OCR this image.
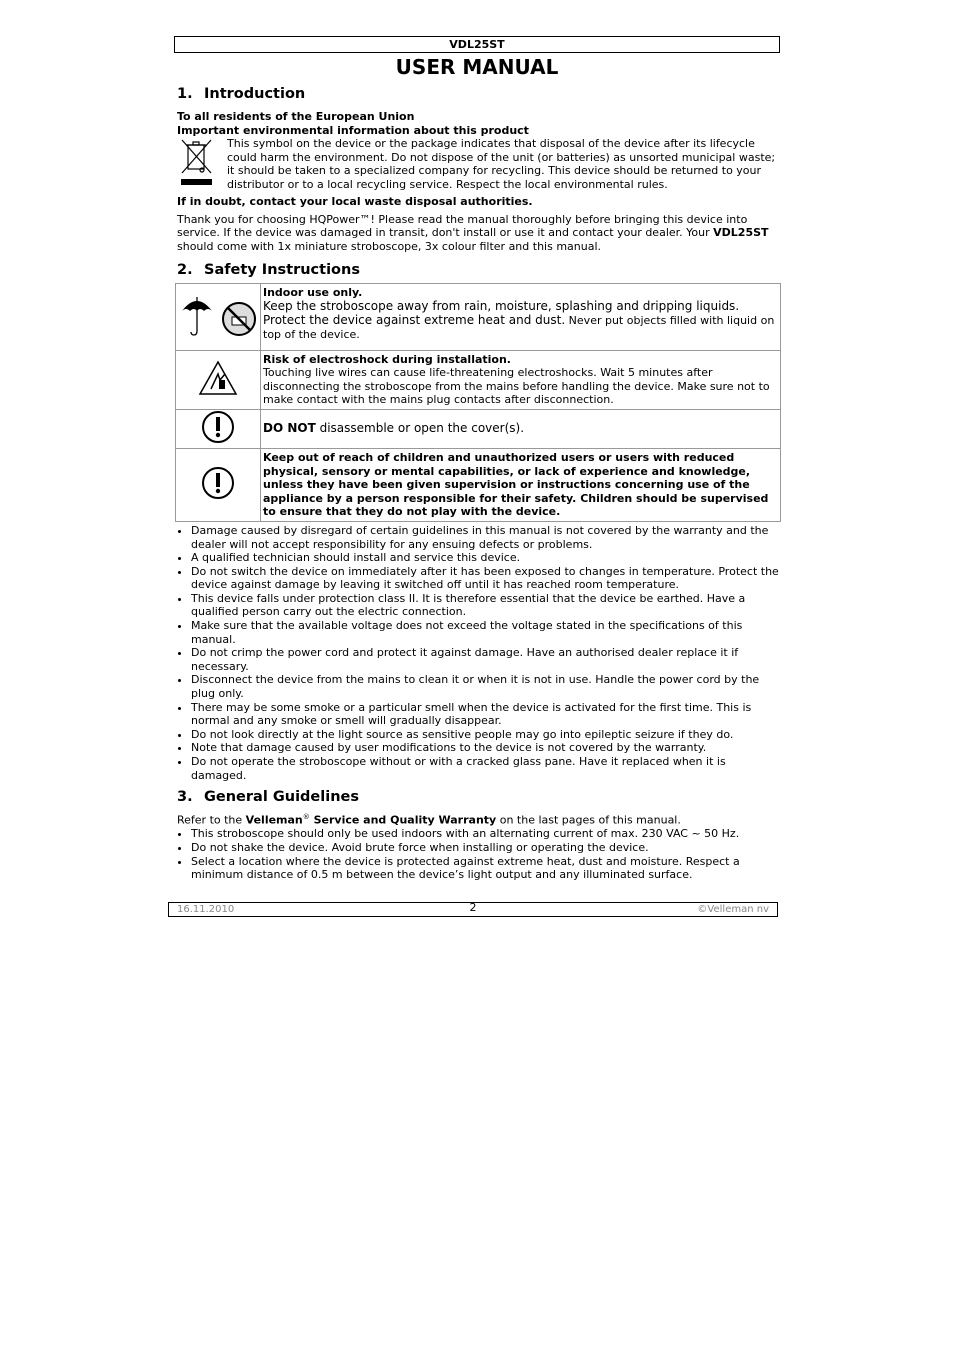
VDL25ST
USER MANUAL
1. Introduction

To all residents of the European Union

Important environmental information about this product

This symbol on the device or the package indicates that disposal of the device after its lifecycle could harm the environment. Do not dispose of the unit (or batteries) as unsorted municipal waste; it should be taken to a specialized company for recycling. This device should be returned to your distributor or to a local recycling service. Respect the local environmental rules.

If in doubt, contact your local waste disposal authorities.

Thank you for choosing HQPower™! Please read the manual thoroughly before bringing this device into service. If the device was damaged in transit, don't install or use it and contact your dealer. Your VDL25ST should come with 1x miniature stroboscope, 3x colour filter and this manual.

2. Safety Instructions

Indoor use only.
Keep the stroboscope away from rain, moisture, splashing and dripping liquids.
Protect the device against extreme heat and dust. Never put objects filled with liquid on top of the device.

Risk of electroshock during installation.
Touching live wires can cause life-threatening electroshocks. Wait 5 minutes after disconnecting the stroboscope from the mains before handling the device. Make sure not to make contact with the mains plug contacts after disconnection.

	DO NOT disassemble or open the cover(s).
	Keep out of reach of children and unauthorized users or users with reduced physical, sensory or mental capabilities, or lack of experience and knowledge, unless they have been given supervision or instructions concerning use of the appliance by a person responsible for their safety. Children should be supervised to ensure that they do not play with the device.
• Damage caused by disregard of certain guidelines in this manual is not covered by the warranty and the dealer will not accept responsibility for any ensuing defects or problems.
• A qualified technician should install and service this device.
• Do not switch the device on immediately after it has been exposed to changes in temperature. Protect the device against damage by leaving it switched off until it has reached room temperature.
• This device falls under protection class II. It is therefore essential that the device be earthed. Have a qualified person carry out the electric connection.
• Make sure that the available voltage does not exceed the voltage stated in the specifications of this manual.
• Do not crimp the power cord and protect it against damage. Have an authorised dealer replace it if necessary.
• Disconnect the device from the mains to clean it or when it is not in use. Handle the power cord by the plug only.
• There may be some smoke or a particular smell when the device is activated for the first time. This is normal and any smoke or smell will gradually disappear.
• Do not look directly at the light source as sensitive people may go into epileptic seizure if they do.
• Note that damage caused by user modifications to the device is not covered by the warranty.
• Do not operate the stroboscope without or with a cracked glass pane. Have it replaced when it is damaged.
3. General Guidelines

Refer to the Velleman® Service and Quality Warranty on the last pages of this manual.

• This stroboscope should only be used indoors with an alternating current of max. 230 VAC ~ 50 Hz.
• Do not shake the device. Avoid brute force when installing or operating the device.
• Select a location where the device is protected against extreme heat, dust and moisture. Respect a minimum distance of 0.5 m between the device’s light output and any illuminated surface.
16.11.2010	2	©Velleman nv
